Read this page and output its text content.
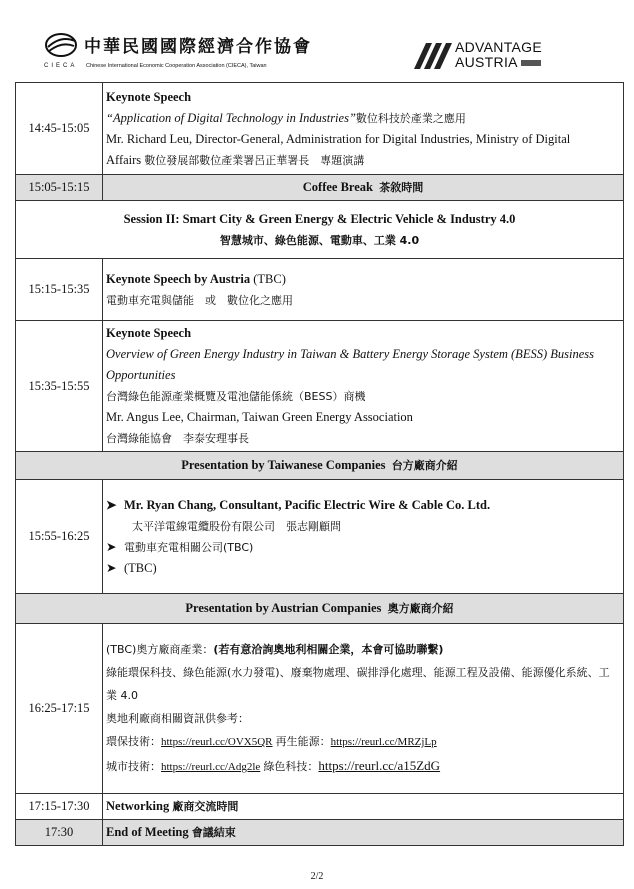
中華民國國際經濟合作協會
CIECA Chinese International Economic Cooperation Association (CIECA), Taiwan
ADVANTAGE
AUSTRIA
14:45-15:05	Keynote Speech
“Application of Digital Technology in Industries”數位科技於產業之應用
Mr. Richard Leu, Director-General, Administration for Digital Industries, Ministry of Digital Affairs 數位發展部數位產業署呂正華署長　專題演講

15:05-15:15	Coffee Break 茶敘時間

Session II: Smart City & Green Energy & Electric Vehicle & Industry 4.0
智慧城市、綠色能源、電動車、工業 4.0	

15:15-15:35	Keynote Speech by Austria (TBC)
電動車充電與儲能　或　數位化之應用

15:35-15:55	Keynote Speech
Overview of Green Energy Industry in Taiwan & Battery Energy Storage System (BESS) Business Opportunities
台灣綠色能源產業概覽及電池儲能係統（BESS）商機
Mr. Angus Lee, Chairman, Taiwan Green Energy Association
台灣綠能協會　李泰安理事長

Presentation by Taiwanese Companies 台方廠商介紹	
15:55-16:25	➤ Mr. Ryan Chang, Consultant, Pacific Electric Wire & Cable Co. Ltd.
太平洋電線電纜股份有限公司　張志剛顧問
➤ 電動車充電相關公司(TBC)
➤ (TBC)

Presentation by Austrian Companies 奧方廠商介紹	
16:25-17:15	(TBC)奧方廠商產業：(若有意洽詢奧地利相關企業，本會可協助聯繫)
綠能環保科技、綠色能源(水力發電)、廢棄物處理、碳排淨化處理、能源工程及設備、能源優化系統、工業 4.0
奧地利廠商相關資訊供參考：
環保技術：https://reurl.cc/OVX5QR 再生能源：https://reurl.cc/MRZjLp
城市技術：https://reurl.cc/Adg2le 綠色科技：https://reurl.cc/a15ZdG

17:15-17:30	Networking 廠商交流時間
17:30	End of Meeting 會議結束
2/2
